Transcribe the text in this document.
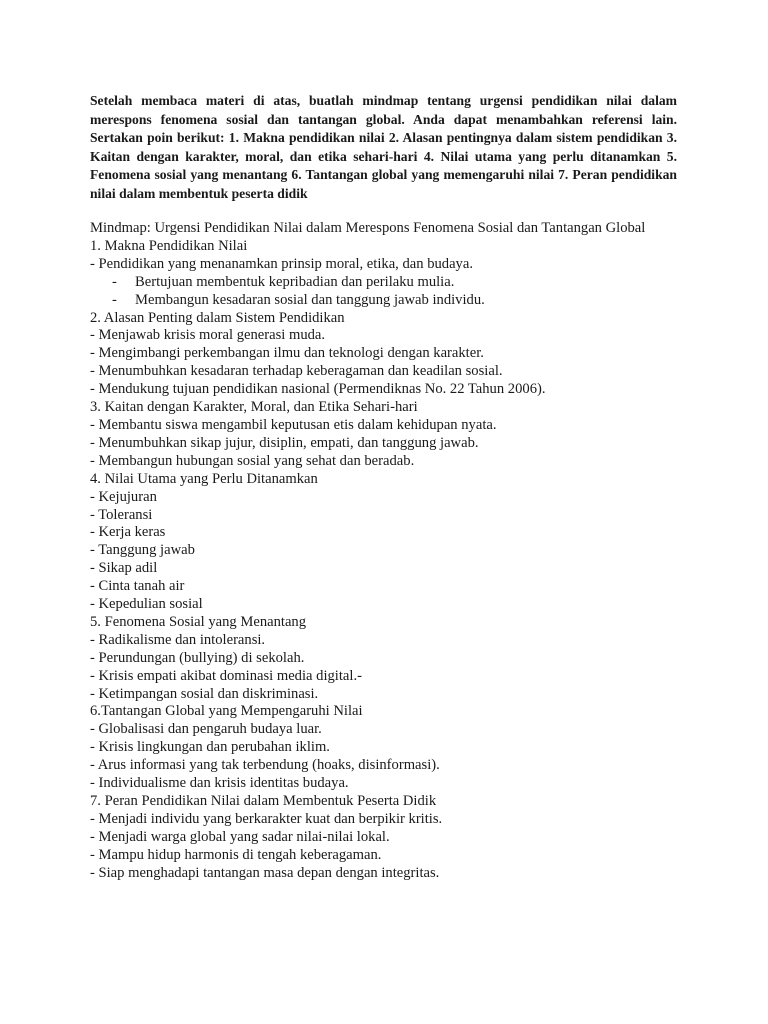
Setelah membaca materi di atas, buatlah mindmap tentang urgensi pendidikan nilai dalam merespons fenomena sosial dan tantangan global. Anda dapat menambahkan referensi lain. Sertakan poin berikut: 1. Makna pendidikan nilai 2. Alasan pentingnya dalam sistem pendidikan 3. Kaitan dengan karakter, moral, dan etika sehari-hari 4. Nilai utama yang perlu ditanamkan 5. Fenomena sosial yang menantang 6. Tantangan global yang memengaruhi nilai 7. Peran pendidikan nilai dalam membentuk peserta didik

Mindmap: Urgensi Pendidikan Nilai dalam Merespons Fenomena Sosial dan Tantangan Global
1. Makna Pendidikan Nilai
- Pendidikan yang menanamkan prinsip moral, etika, dan budaya.
- Bertujuan membentuk kepribadian dan perilaku mulia.
- Membangun kesadaran sosial dan tanggung jawab individu.
2. Alasan Penting dalam Sistem Pendidikan
- Menjawab krisis moral generasi muda.
- Mengimbangi perkembangan ilmu dan teknologi dengan karakter.
- Menumbuhkan kesadaran terhadap keberagaman dan keadilan sosial.
- Mendukung tujuan pendidikan nasional (Permendiknas No. 22 Tahun 2006).
3. Kaitan dengan Karakter, Moral, dan Etika Sehari-hari
- Membantu siswa mengambil keputusan etis dalam kehidupan nyata.
- Menumbuhkan sikap jujur, disiplin, empati, dan tanggung jawab.
- Membangun hubungan sosial yang sehat dan beradab.
4. Nilai Utama yang Perlu Ditanamkan
- Kejujuran
- Toleransi
- Kerja keras
- Tanggung jawab
- Sikap adil
- Cinta tanah air
- Kepedulian sosial
5. Fenomena Sosial yang Menantang
- Radikalisme dan intoleransi.
- Perundungan (bullying) di sekolah.
- Krisis empati akibat dominasi media digital.-
- Ketimpangan sosial dan diskriminasi.
6.Tantangan Global yang Mempengaruhi Nilai
- Globalisasi dan pengaruh budaya luar.
- Krisis lingkungan dan perubahan iklim.
- Arus informasi yang tak terbendung (hoaks, disinformasi).
- Individualisme dan krisis identitas budaya.
7. Peran Pendidikan Nilai dalam Membentuk Peserta Didik
- Menjadi individu yang berkarakter kuat dan berpikir kritis.
- Menjadi warga global yang sadar nilai-nilai lokal.
- Mampu hidup harmonis di tengah keberagaman.
- Siap menghadapi tantangan masa depan dengan integritas.
